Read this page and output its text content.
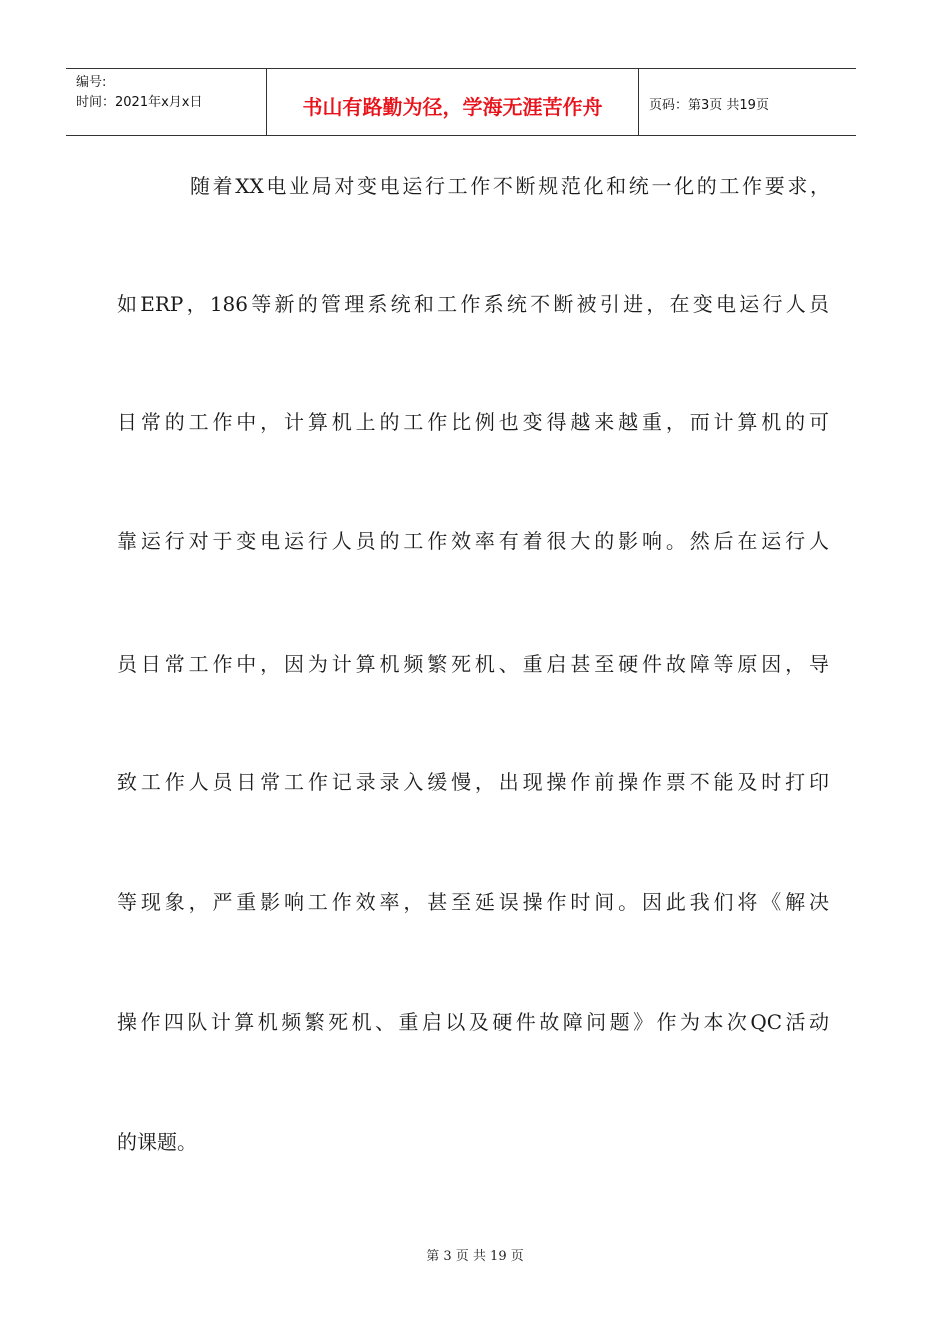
编号:
时间：2021年x月x日	书山有路勤为径，学海无涯苦作舟	页码：第3页 共19页
随着XX电业局对变电运行工作不断规范化和统一化的工作要求，
如ERP，186等新的管理系统和工作系统不断被引进，在变电运行人员
日常的工作中，计算机上的工作比例也变得越来越重，而计算机的可
靠运行对于变电运行人员的工作效率有着很大的影响。然后在运行人
员日常工作中，因为计算机频繁死机、重启甚至硬件故障等原因，导
致工作人员日常工作记录录入缓慢，出现操作前操作票不能及时打印
等现象，严重影响工作效率，甚至延误操作时间。因此我们将《解决
操作四队计算机频繁死机、重启以及硬件故障问题》作为本次QC活动
的课题。
第 3 页 共 19 页
